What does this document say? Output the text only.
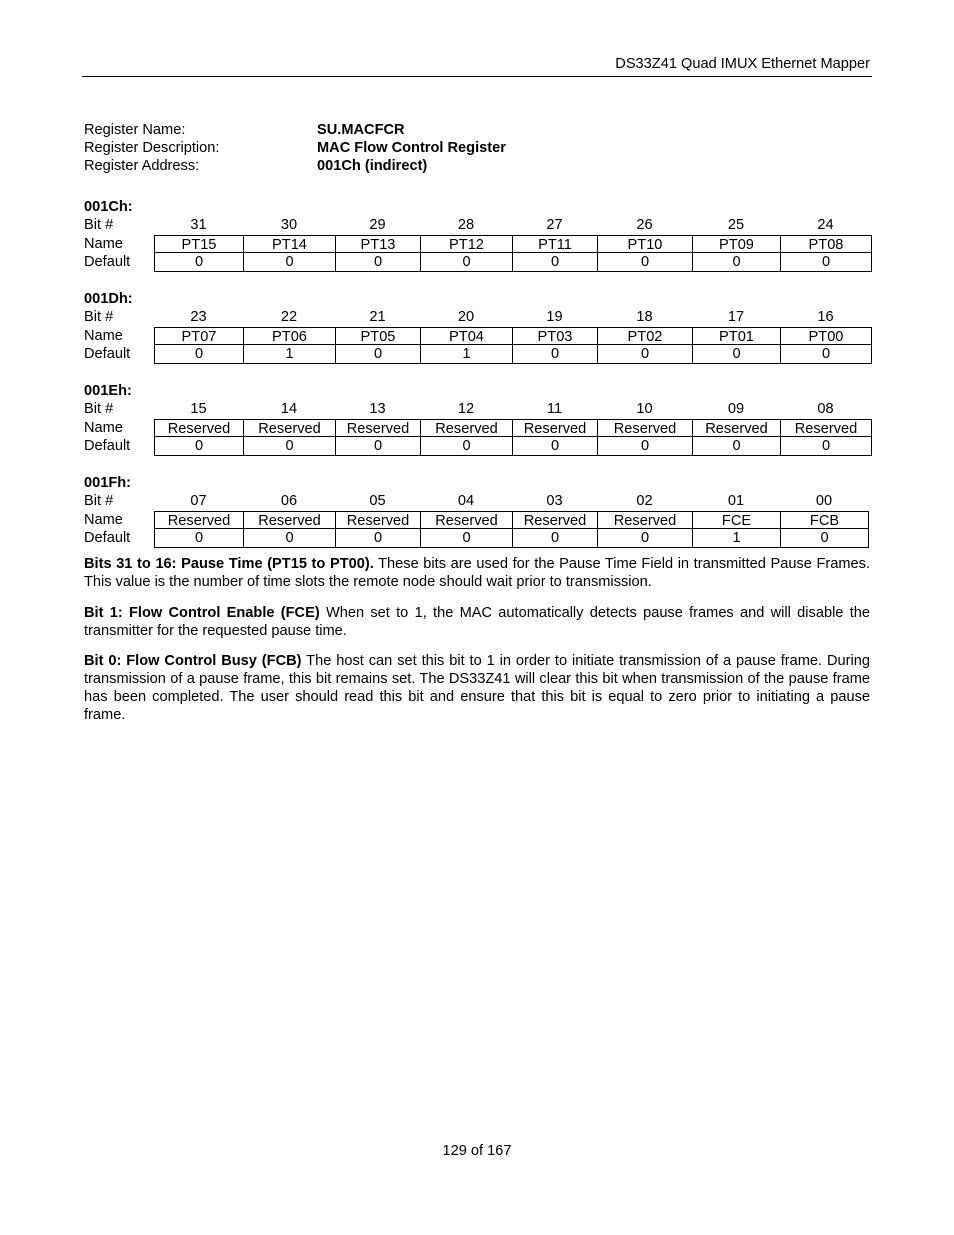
DS33Z41 Quad IMUX Ethernet Mapper
Register Name:	SU.MACFCR
Register Description:	MAC Flow Control Register
Register Address:	001Ch (indirect)
001Ch:
Bit #	31	30	29	28	27	26	25	24
Name	PT15	PT14	PT13	PT12	PT11	PT10	PT09	PT08
Default	0	0	0	0	0	0	0	0
001Dh:
Bit #	23	22	21	20	19	18	17	16
Name	PT07	PT06	PT05	PT04	PT03	PT02	PT01	PT00
Default	0	1	0	1	0	0	0	0
001Eh:
Bit #	15	14	13	12	11	10	09	08
Name	Reserved	Reserved	Reserved	Reserved	Reserved	Reserved	Reserved	Reserved
Default	0	0	0	0	0	0	0	0
001Fh:
Bit #	07	06	05	04	03	02	01	00
Name	Reserved	Reserved	Reserved	Reserved	Reserved	Reserved	FCE	FCB
Default	0	0	0	0	0	0	1	0
Bits 31 to 16: Pause Time (PT15 to PT00). These bits are used for the Pause Time Field in transmitted Pause Frames. This value is the number of time slots the remote node should wait prior to transmission.
Bit 1: Flow Control Enable (FCE) When set to 1, the MAC automatically detects pause frames and will disable the transmitter for the requested pause time.
Bit 0: Flow Control Busy (FCB) The host can set this bit to 1 in order to initiate transmission of a pause frame. During transmission of a pause frame, this bit remains set. The DS33Z41 will clear this bit when transmission of the pause frame has been completed. The user should read this bit and ensure that this bit is equal to zero prior to initiating a pause frame.
129 of 167
